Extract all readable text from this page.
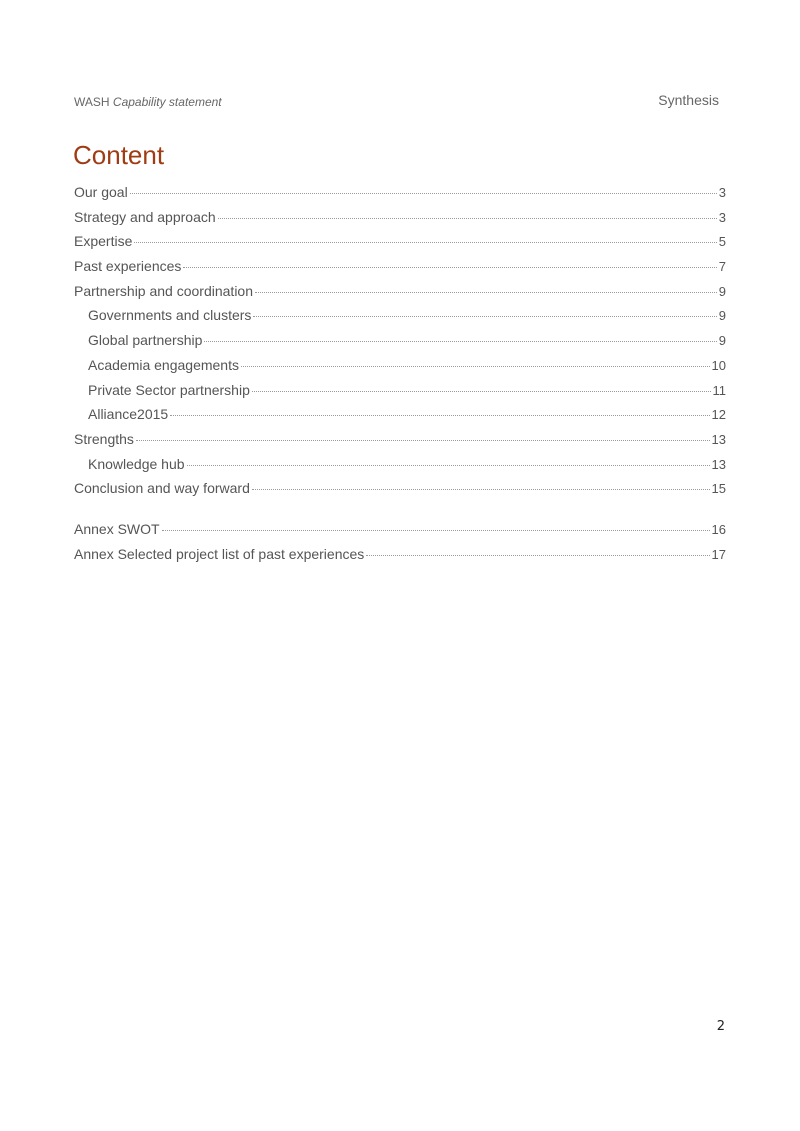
WASH Capability statement	Synthesis
Content
Our goal	3
Strategy and approach	3
Expertise	5
Past experiences	7
Partnership and coordination	9
Governments and clusters	9
Global partnership	9
Academia engagements	10
Private Sector partnership	11
Alliance2015	12
Strengths	13
Knowledge hub	13
Conclusion and way forward	15
Annex SWOT	16
Annex Selected project list of past experiences	17
2
